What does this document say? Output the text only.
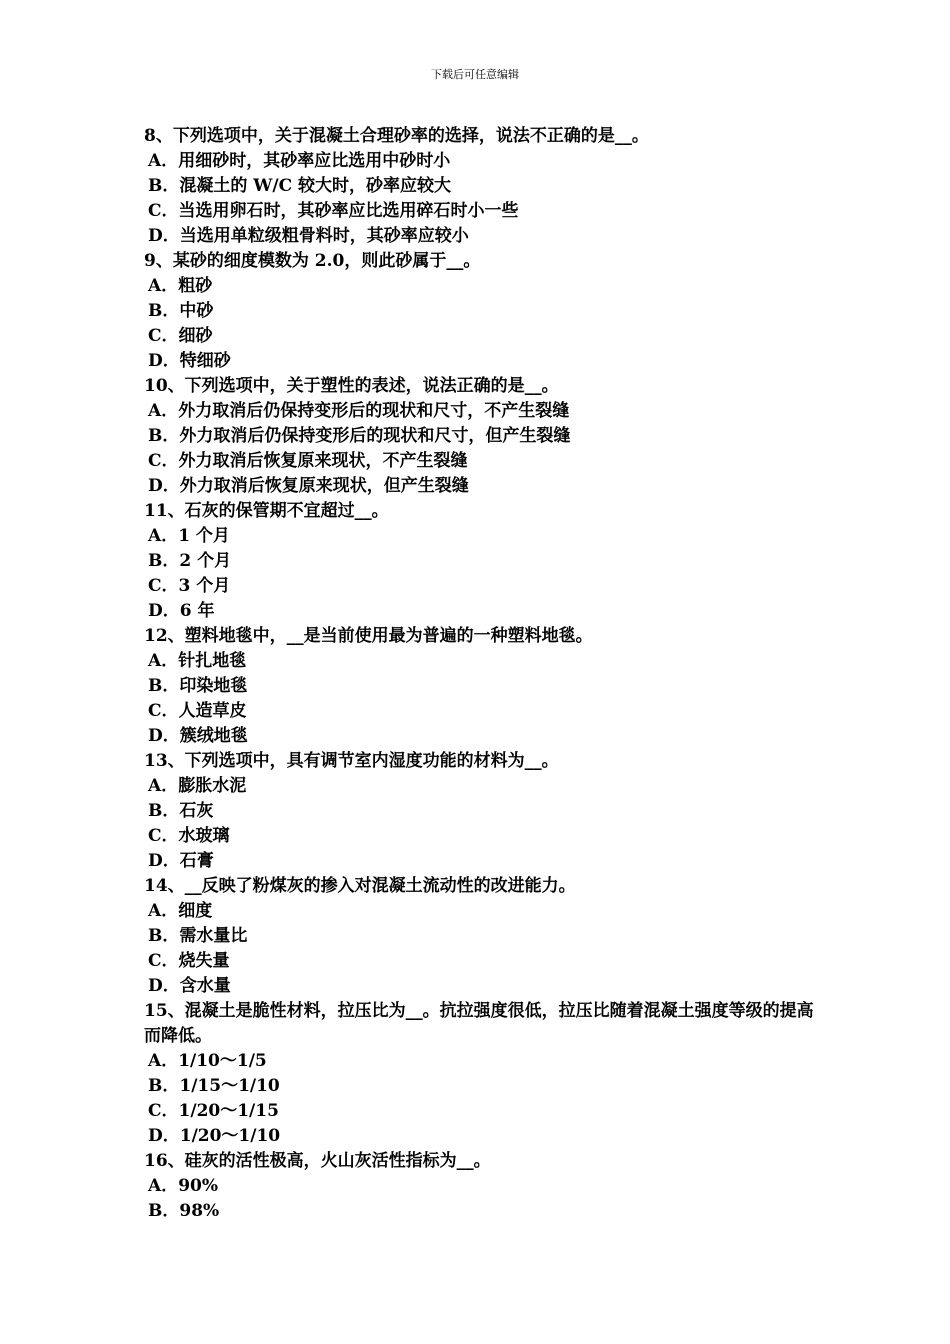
下载后可任意编辑
8、下列选项中，关于混凝土合理砂率的选择，说法不正确的是__。
A．用细砂时，其砂率应比选用中砂时小
B．混凝土的 W/C 较大时，砂率应较大
C．当选用卵石时，其砂率应比选用碎石时小一些
D．当选用单粒级粗骨料时，其砂率应较小
9、某砂的细度模数为 2.0，则此砂属于__。
A．粗砂
B．中砂
C．细砂
D．特细砂
10、下列选项中，关于塑性的表述，说法正确的是__。
A．外力取消后仍保持变形后的现状和尺寸，不产生裂缝
B．外力取消后仍保持变形后的现状和尺寸，但产生裂缝
C．外力取消后恢复原来现状，不产生裂缝
D．外力取消后恢复原来现状，但产生裂缝
11、石灰的保管期不宜超过__。
A．1 个月
B．2 个月
C．3 个月
D．6 年
12、塑料地毯中，__是当前使用最为普遍的一种塑料地毯。
A．针扎地毯
B．印染地毯
C．人造草皮
D．簇绒地毯
13、下列选项中，具有调节室内湿度功能的材料为__。
A．膨胀水泥
B．石灰
C．水玻璃
D．石膏
14、__反映了粉煤灰的掺入对混凝土流动性的改进能力。
A．细度
B．需水量比
C．烧失量
D．含水量
15、混凝土是脆性材料，拉压比为__。抗拉强度很低，拉压比随着混凝土强度等级的提高而降低。
A．1/10～1/5
B．1/15～1/10
C．1/20～1/15
D．1/20～1/10
16、硅灰的活性极高，火山灰活性指标为__。
A．90%
B．98%
